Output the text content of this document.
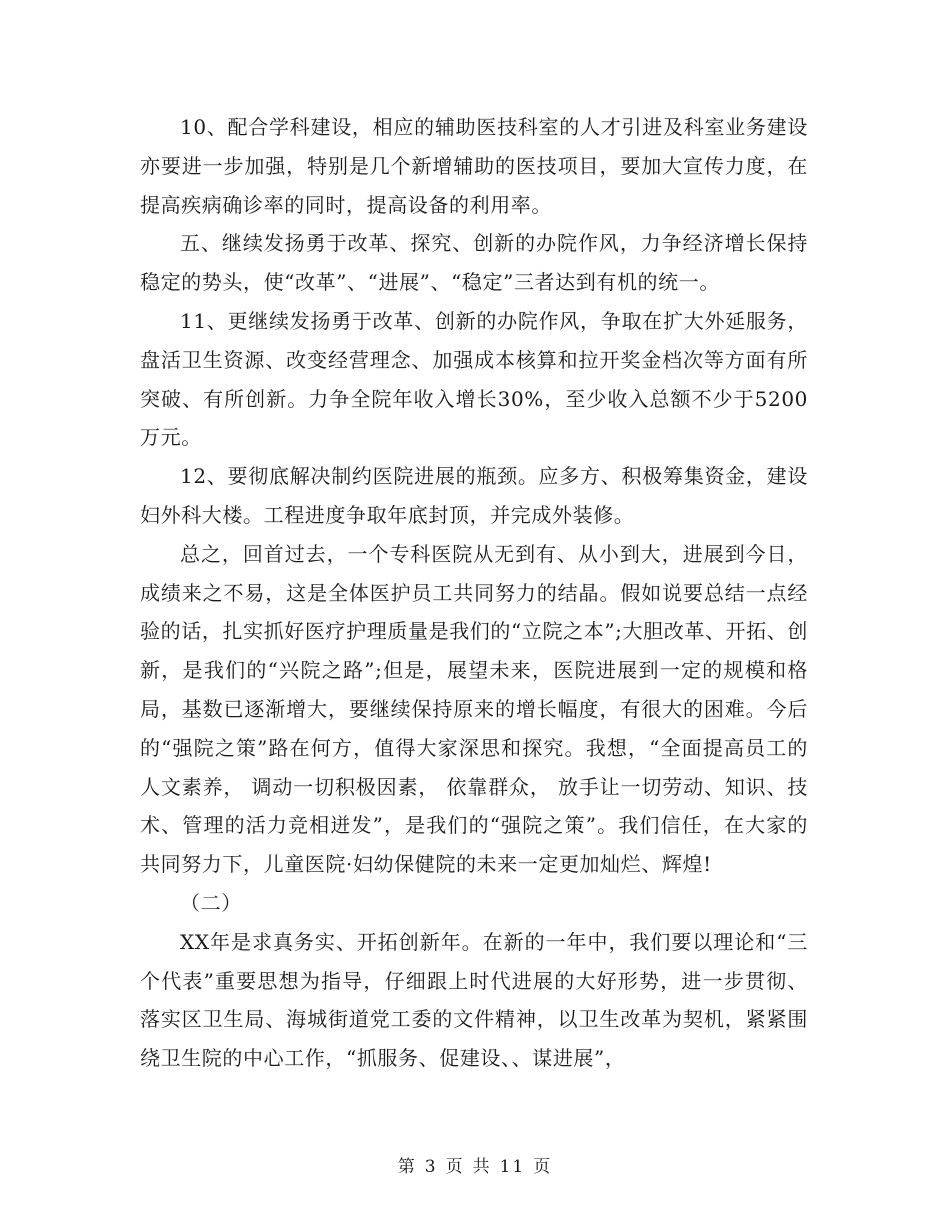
10、配合学科建设，相应的辅助医技科室的人才引进及科室业务建设亦要进一步加强，特别是几个新增辅助的医技项目，要加大宣传力度，在提高疾病确诊率的同时，提高设备的利用率。

五、继续发扬勇于改革、探究、创新的办院作风，力争经济增长保持稳定的势头，使“改革”、“进展”、“稳定”三者达到有机的统一。

11、更继续发扬勇于改革、创新的办院作风，争取在扩大外延服务，盘活卫生资源、改变经营理念、加强成本核算和拉开奖金档次等方面有所突破、有所创新。力争全院年收入增长30%，至少收入总额不少于5200万元。

12、要彻底解决制约医院进展的瓶颈。应多方、积极筹集资金，建设妇外科大楼。工程进度争取年底封顶，并完成外装修。

总之，回首过去，一个专科医院从无到有、从小到大，进展到今日，成绩来之不易，这是全体医护员工共同努力的结晶。假如说要总结一点经验的话，扎实抓好医疗护理质量是我们的“立院之本”;大胆改革、开拓、创新，是我们的“兴院之路”;但是，展望未来，医院进展到一定的规模和格局，基数已逐渐增大，要继续保持原来的增长幅度，有很大的困难。今后的“强院之策”路在何方，值得大家深思和探究。我想，“全面提高员工的人文素养， 调动一切积极因素， 依靠群众， 放手让一切劳动、知识、技术、管理的活力竞相迸发”，是我们的“强院之策”。我们信任，在大家的共同努力下，儿童医院·妇幼保健院的未来一定更加灿烂、辉煌!

（二）

XX年是求真务实、开拓创新年。在新的一年中，我们要以理论和“三个代表”重要思想为指导，仔细跟上时代进展的大好形势，进一步贯彻、落实区卫生局、海城街道党工委的文件精神，以卫生改革为契机，紧紧围绕卫生院的中心工作，“抓服务、促建设、、谋进展”，

第 3 页 共 11 页
